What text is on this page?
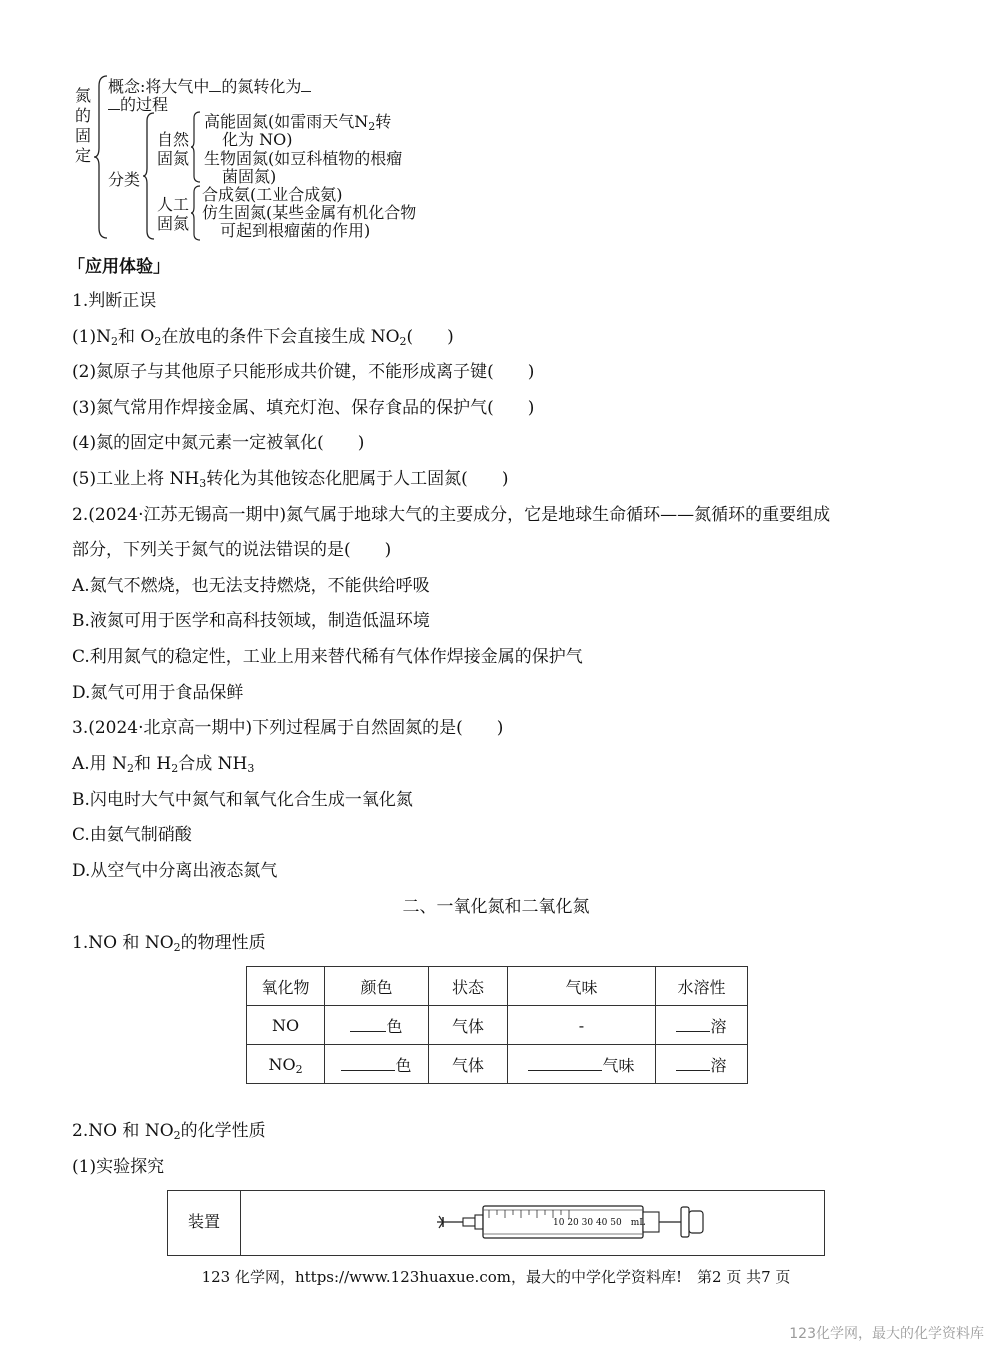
氮的固定
概念:将大气中 的氮转化为
的过程
分类
自然固氮
高能固氮(如雷雨天气$N_2$转
化为 NO)
生物固氮(如豆科植物的根瘤
菌固氮)
人工固氮
合成氨(工业合成氨)
仿生固氮(某些金属有机化合物
可起到根瘤菌的作用)
「应用体验」
1.判断正误
$(1)N_2$和 $O_2$在放电的条件下会直接生成 $NO_2$(　　)
(2)氮原子与其他原子只能形成共价键，不能形成离子键(　　)
(3)氮气常用作焊接金属、填充灯泡、保存食品的保护气(　　)
(4)氮的固定中氮元素一定被氧化(　　)
(5)工业上将 $NH_3$转化为其他铵态化肥属于人工固氮(　　)
2.(2024·江苏无锡高一期中)氮气属于地球大气的主要成分，它是地球生命循环——氮循环的重要组成
部分，下列关于氮气的说法错误的是(　　)
A.氮气不燃烧，也无法支持燃烧，不能供给呼吸
B.液氮可用于医学和高科技领域，制造低温环境
C.利用氮气的稳定性，工业上用来替代稀有气体作焊接金属的保护气
D.氮气可用于食品保鲜
3.(2024·北京高一期中)下列过程属于自然固氮的是(　　)
A.用 $N_2$和 $H_2$合成 $NH_3$
B.闪电时大气中氮气和氧气化合生成一氧化氮
C.由氨气制硝酸
D.从空气中分离出液态氮气
二、一氧化氮和二氧化氮
1.NO 和 $NO_2$的物理性质
氧化物	颜色	状态	气味	水溶性
NO	色	气体	-	溶
$NO_2$	色	气体	气味	溶
2.NO 和 $NO_2$的化学性质
(1)实验探究
装置	10 20 30 40 50　mL
123 化学网，https://www.123huaxue.com，最大的中学化学资料库!　第2 页 共7 页
123化学网，最大的化学资料库
